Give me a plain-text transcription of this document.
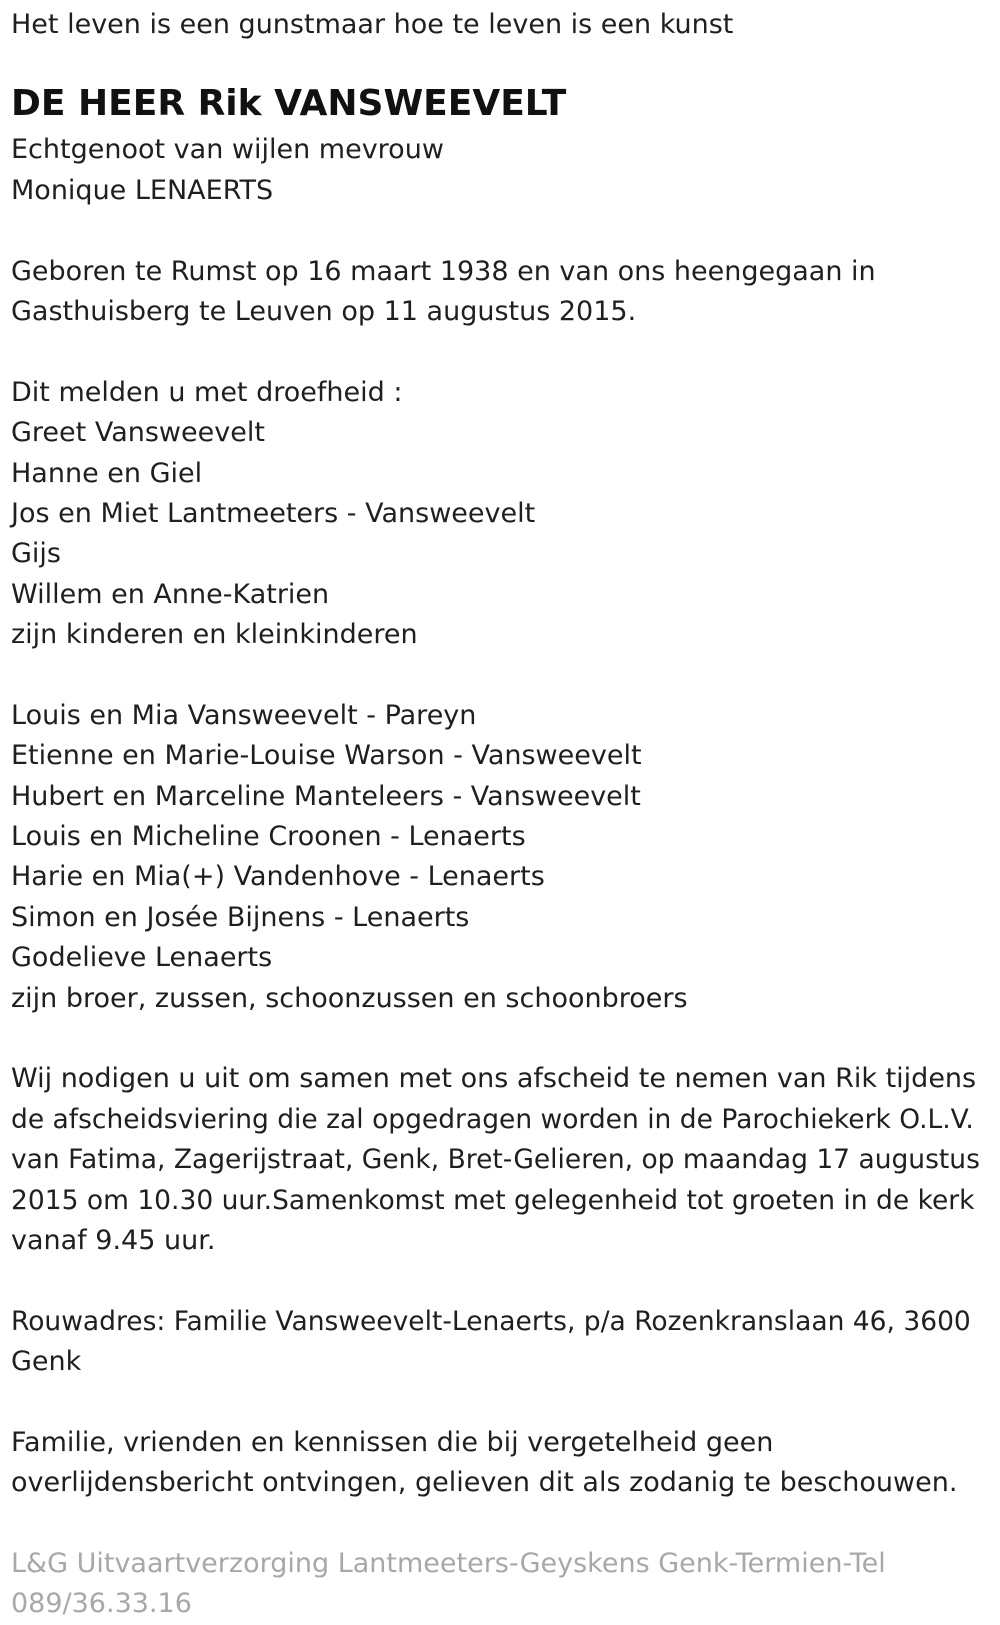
Het leven is een gunstmaar hoe te leven is een kunst
DE HEER Rik VANSWEEVELT
Echtgenoot van wijlen mevrouw
Monique LENAERTS
Geboren te Rumst op 16 maart 1938 en van ons heengegaan in
Gasthuisberg te Leuven op 11 augustus 2015.
Dit melden u met droefheid :
Greet Vansweevelt
Hanne en Giel
Jos en Miet Lantmeeters - Vansweevelt
Gijs
Willem en Anne-Katrien
zijn kinderen en kleinkinderen
Louis en Mia Vansweevelt - Pareyn
Etienne en Marie-Louise Warson - Vansweevelt
Hubert en Marceline Manteleers - Vansweevelt
Louis en Micheline Croonen - Lenaerts
Harie en Mia(+) Vandenhove - Lenaerts
Simon en Josée Bijnens - Lenaerts
Godelieve Lenaerts
zijn broer, zussen, schoonzussen en schoonbroers
Wij nodigen u uit om samen met ons afscheid te nemen van Rik tijdens
de afscheidsviering die zal opgedragen worden in de Parochiekerk O.L.V.
van Fatima, Zagerijstraat, Genk, Bret-Gelieren, op maandag 17 augustus
2015 om 10.30 uur.Samenkomst met gelegenheid tot groeten in de kerk
vanaf 9.45 uur.
Rouwadres: Familie Vansweevelt-Lenaerts, p/a Rozenkranslaan 46, 3600
Genk
Familie, vrienden en kennissen die bij vergetelheid geen
overlijdensbericht ontvingen, gelieven dit als zodanig te beschouwen.
L&G Uitvaartverzorging Lantmeeters-Geyskens Genk-Termien-Tel
089/36.33.16
